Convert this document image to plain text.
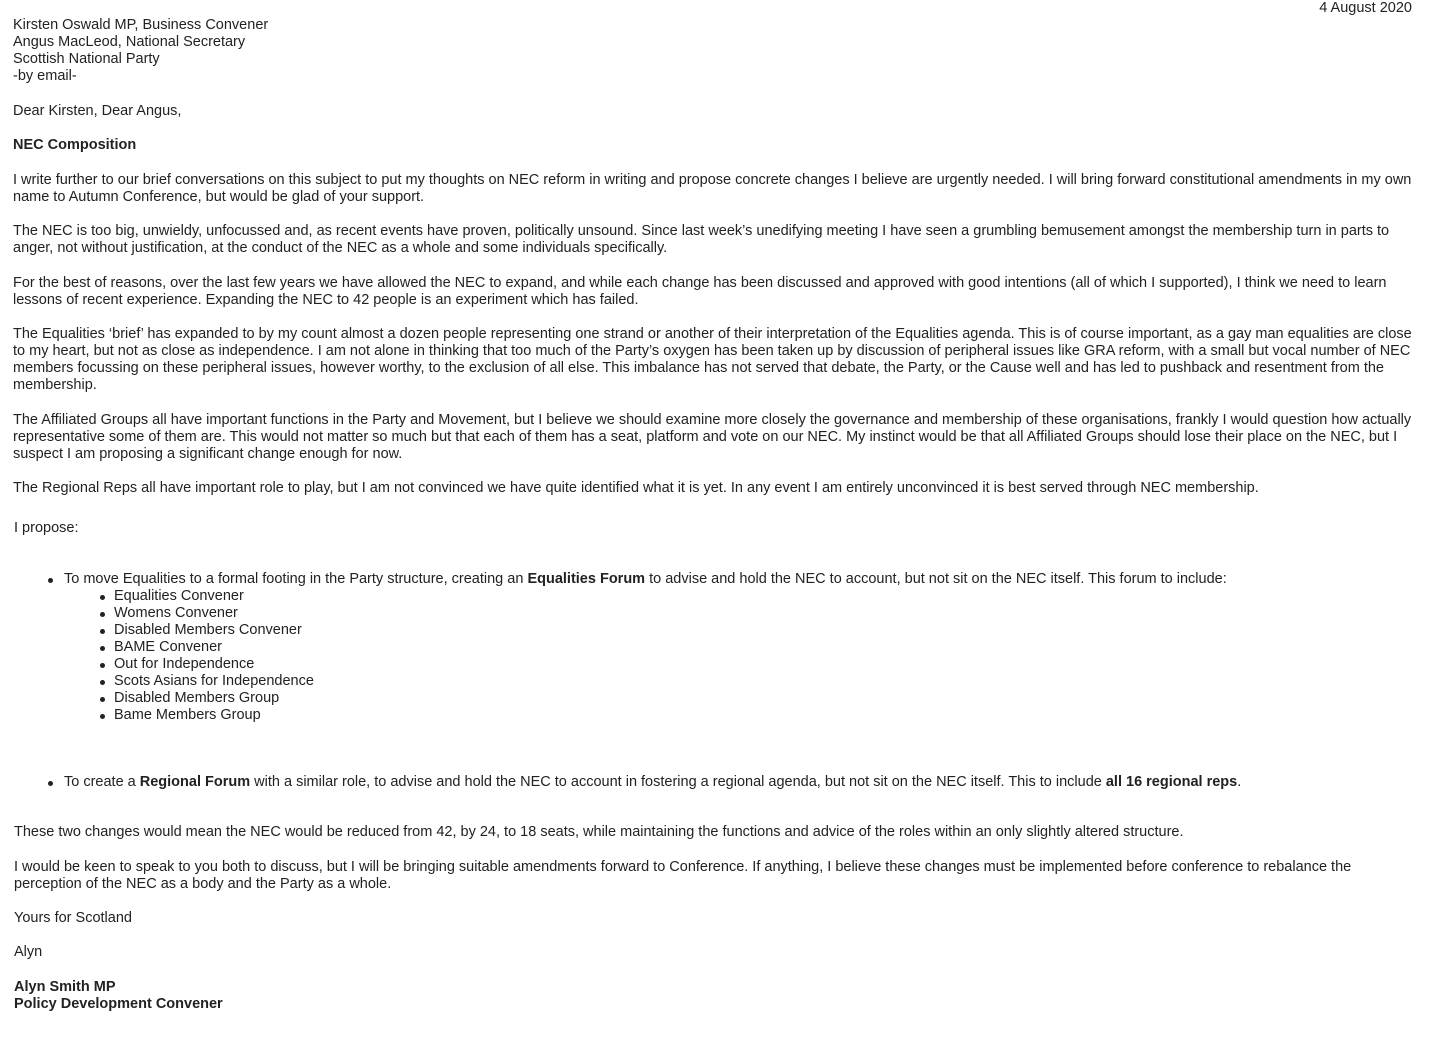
4 August 2020
Kirsten Oswald MP, Business Convener
Angus MacLeod, National Secretary
Scottish National Party
-by email-

Dear Kirsten, Dear Angus,

NEC Composition

I write further to our brief conversations on this subject to put my thoughts on NEC reform in writing and propose concrete changes I believe are urgently needed. I will bring forward constitutional amendments in my own name to Autumn Conference, but would be glad of your support.

The NEC is too big, unwieldy, unfocussed and, as recent events have proven, politically unsound. Since last week’s unedifying meeting I have seen a grumbling bemusement amongst the membership turn in parts to anger, not without justification, at the conduct of the NEC as a whole and some individuals specifically.

For the best of reasons, over the last few years we have allowed the NEC to expand, and while each change has been discussed and approved with good intentions (all of which I supported), I think we need to learn lessons of recent experience. Expanding the NEC to 42 people is an experiment which has failed.

The Equalities ‘brief’ has expanded to by my count almost a dozen people representing one strand or another of their interpretation of the Equalities agenda. This is of course important, as a gay man equalities are close to my heart, but not as close as independence. I am not alone in thinking that too much of the Party’s oxygen has been taken up by discussion of peripheral issues like GRA reform, with a small but vocal number of NEC members focussing on these peripheral issues, however worthy, to the exclusion of all else. This imbalance has not served that debate, the Party, or the Cause well and has led to pushback and resentment from the membership.

The Affiliated Groups all have important functions in the Party and Movement, but I believe we should examine more closely the governance and membership of these organisations, frankly I would question how actually representative some of them are. This would not matter so much but that each of them has a seat, platform and vote on our NEC. My instinct would be that all Affiliated Groups should lose their place on the NEC, but I suspect I am proposing a significant change enough for now.

The Regional Reps all have important role to play, but I am not convinced we have quite identified what it is yet. In any event I am entirely unconvinced it is best served through NEC membership.

I propose:

To move Equalities to a formal footing in the Party structure, creating an Equalities Forum to advise and hold the NEC to account, but not sit on the NEC itself. This forum to include:
Equalities Convener
Womens Convener
Disabled Members Convener
BAME Convener
Out for Independence
Scots Asians for Independence
Disabled Members Group
Bame Members Group
To create a Regional Forum with a similar role, to advise and hold the NEC to account in fostering a regional agenda, but not sit on the NEC itself. This to include all 16 regional reps.

These two changes would mean the NEC would be reduced from 42, by 24, to 18 seats, while maintaining the functions and advice of the roles within an only slightly altered structure.

I would be keen to speak to you both to discuss, but I will be bringing suitable amendments forward to Conference. If anything, I believe these changes must be implemented before conference to rebalance the perception of the NEC as a body and the Party as a whole.

Yours for Scotland

Alyn

Alyn Smith MP
Policy Development Convener
